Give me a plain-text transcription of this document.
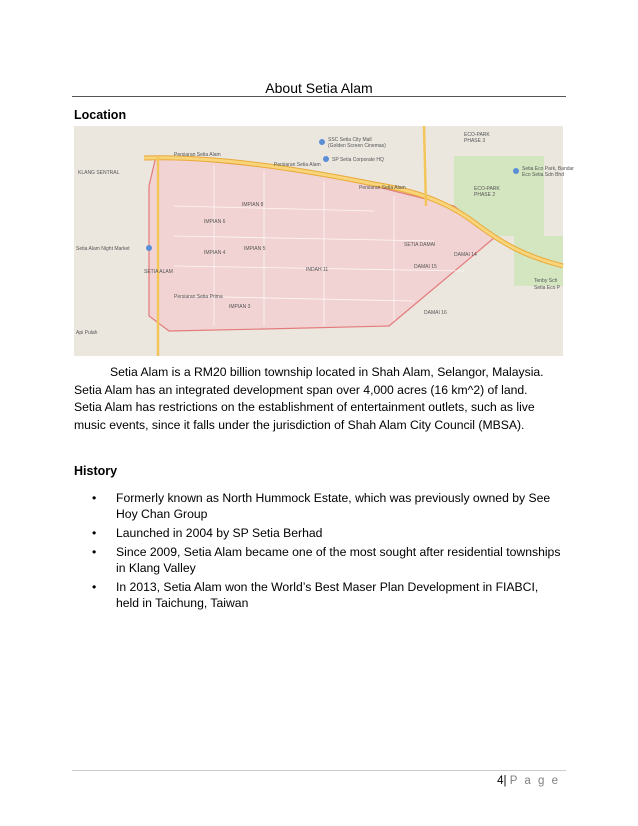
About Setia Alam
Location
SSC Setia City Mall
(Golden Screen Cinemas)
SP Setia Corporate HQ
ECO-PARK
PHASE 3
ECO-PARK
PHASE 2
Setia Eco Park, Bandar
Eco Setia Sdn Bhd
KLANG SENTRAL
Setia Alam Night Market
SETIA ALAM
IMPIAN 6
IMPIAN 8
IMPIAN 4
IMPIAN 5
IMPIAN 3
INDAH 11
SETIA DAMAI
DAMAI 14
DAMAI 15
DAMAI 16
Tenby Sch
Setia Eco P
Persiaran Setia Alam
Persiaran Setia Alam
Persiaran Setia Alam
Persiaran Setia Prima
Api Pulah

Setia Alam is a RM20 billion township located in Shah Alam, Selangor, Malaysia.

Setia Alam has an integrated development span over 4,000 acres (16 km^2) of land.

Setia Alam has restrictions on the establishment of entertainment outlets, such as live music events, since it falls under the jurisdiction of Shah Alam City Council (MBSA).

History
• Formerly known as North Hummock Estate, which was previously owned by See Hoy Chan Group
• Launched in 2004 by SP Setia Berhad
• Since 2009, Setia Alam became one of the most sought after residential townships in Klang Valley
• In 2013, Setia Alam won the World’s Best Maser Plan Development in FIABCI, held in Taichung, Taiwan
4| P a g e
